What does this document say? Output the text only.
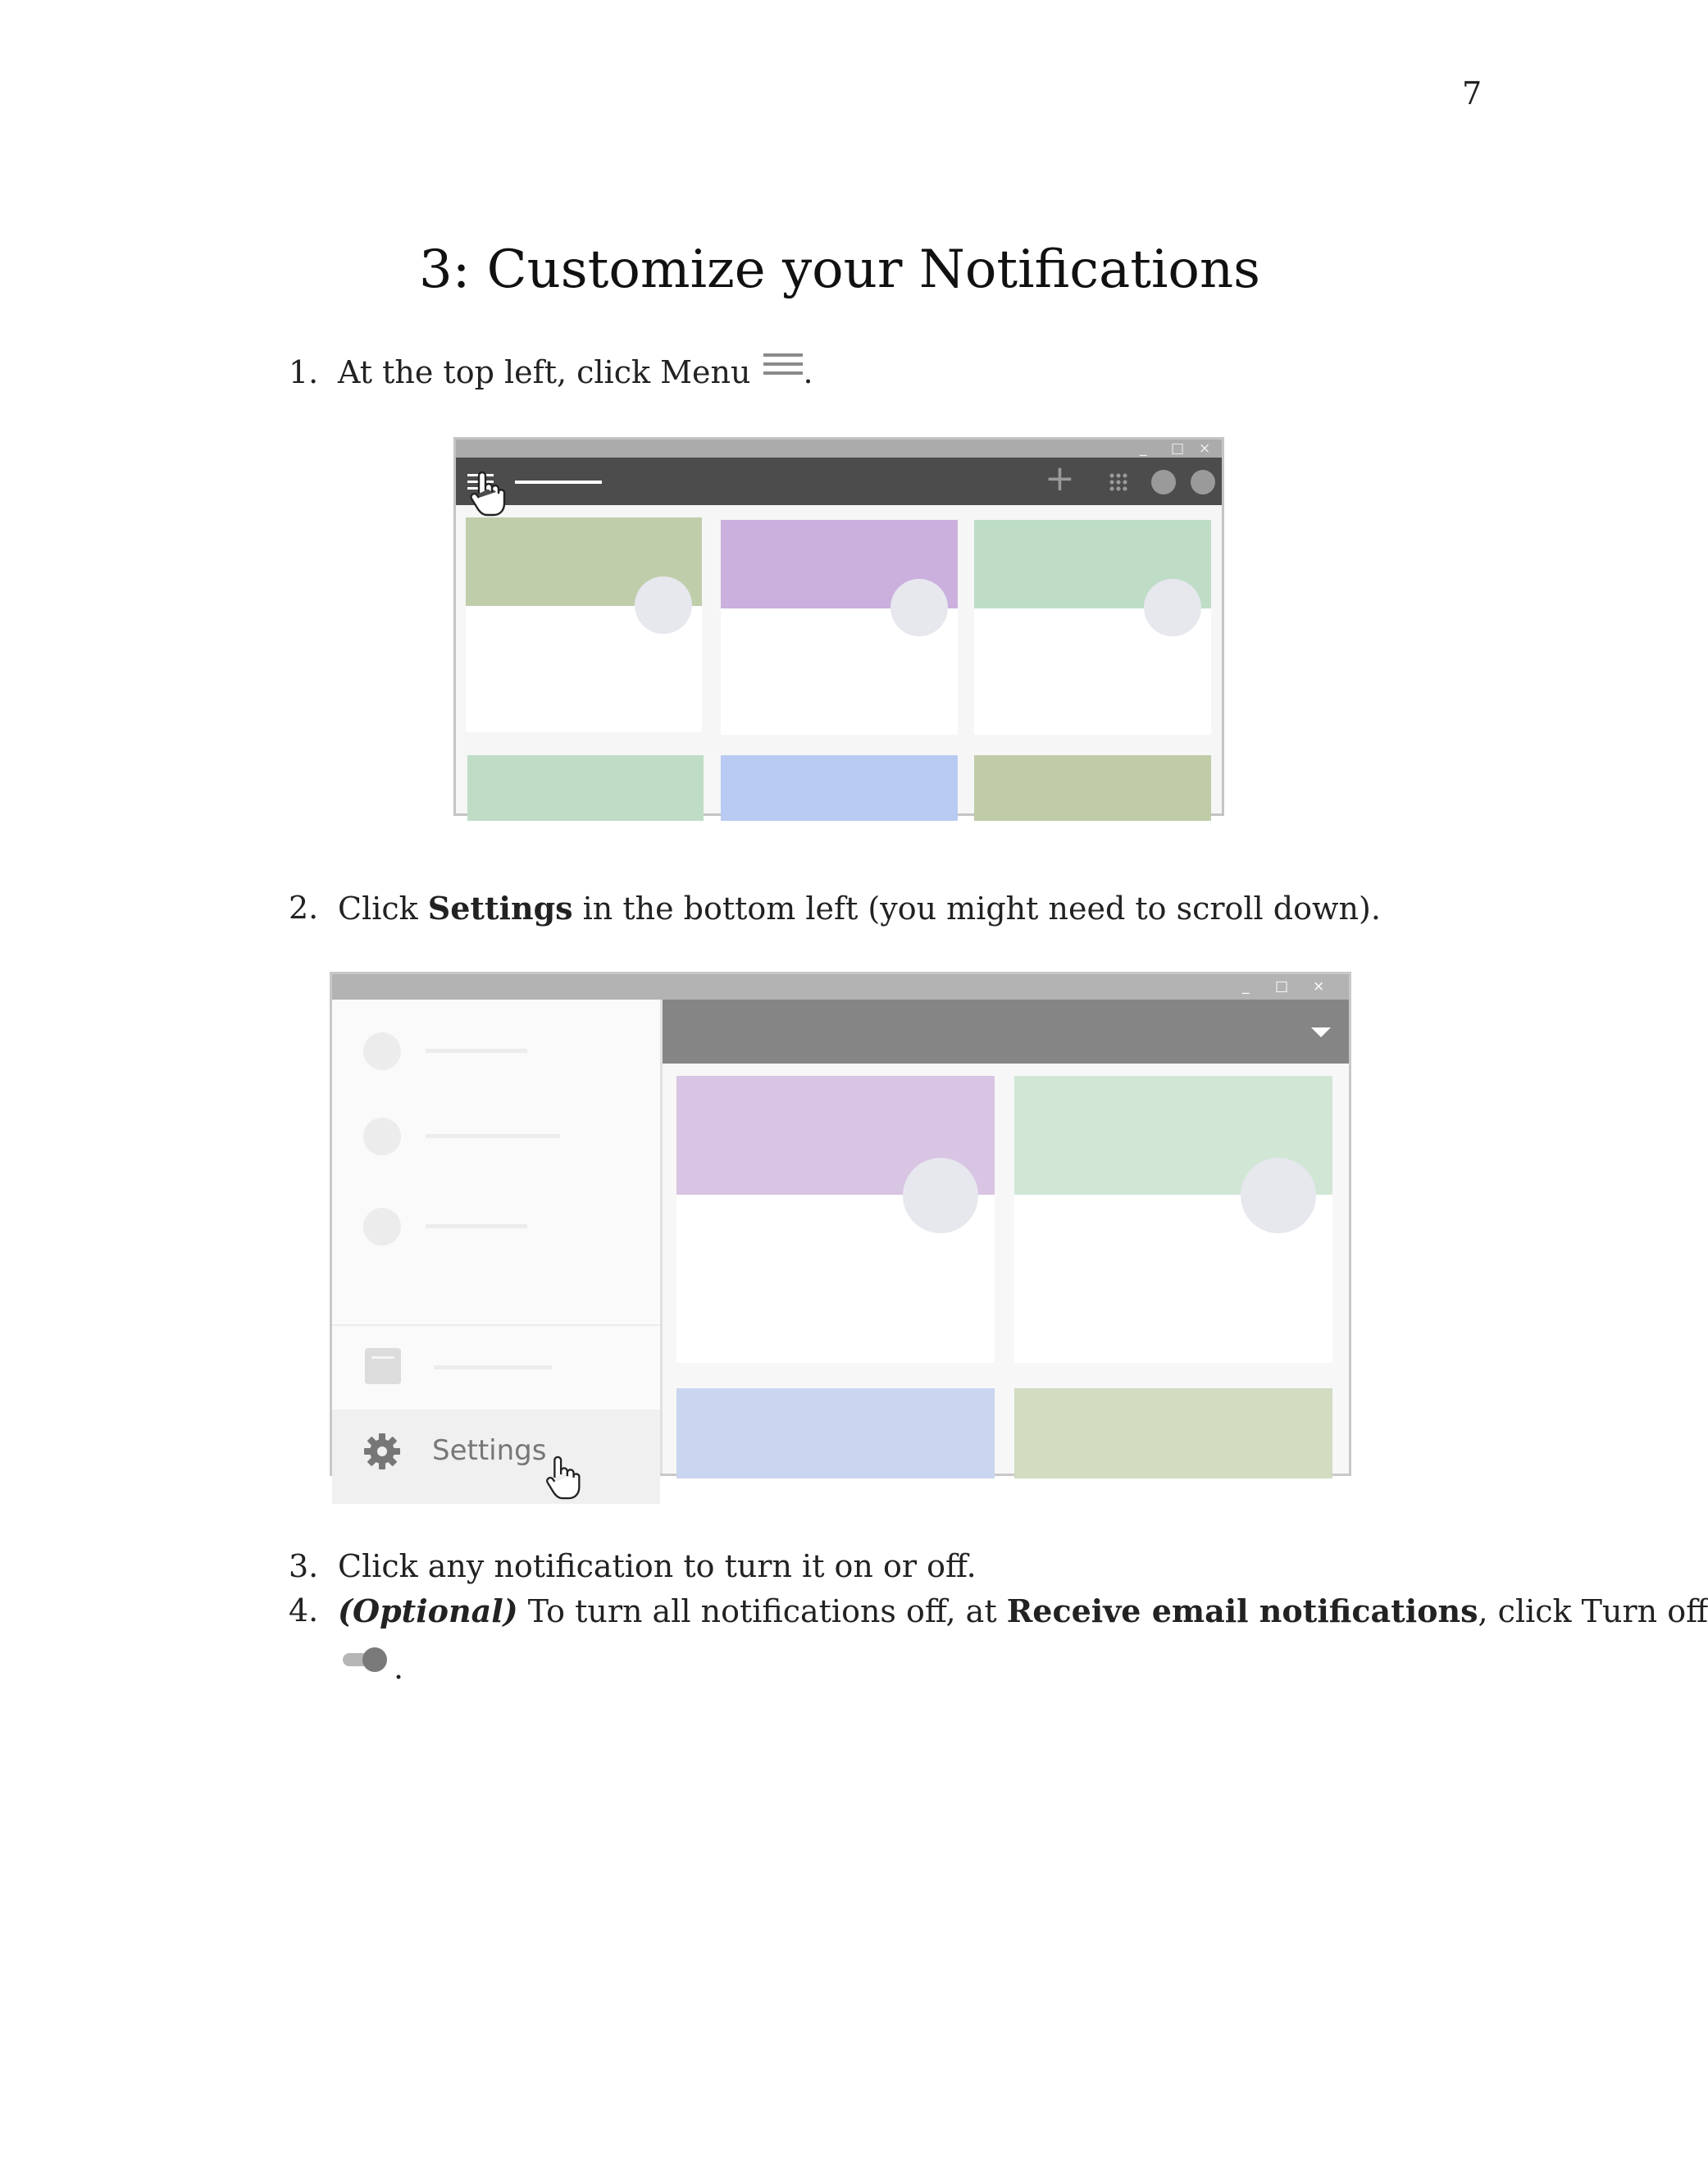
7
3: Customize your Notifications
1. At the top left, click Menu .
_ □ ×
+
2. Click Settings in the bottom left (you might need to scroll down).
_ □ ×
Settings
3. Click any notification to turn it on or off.
4. (Optional) To turn all notifications off, at Receive email notifications, click Turn off
.
